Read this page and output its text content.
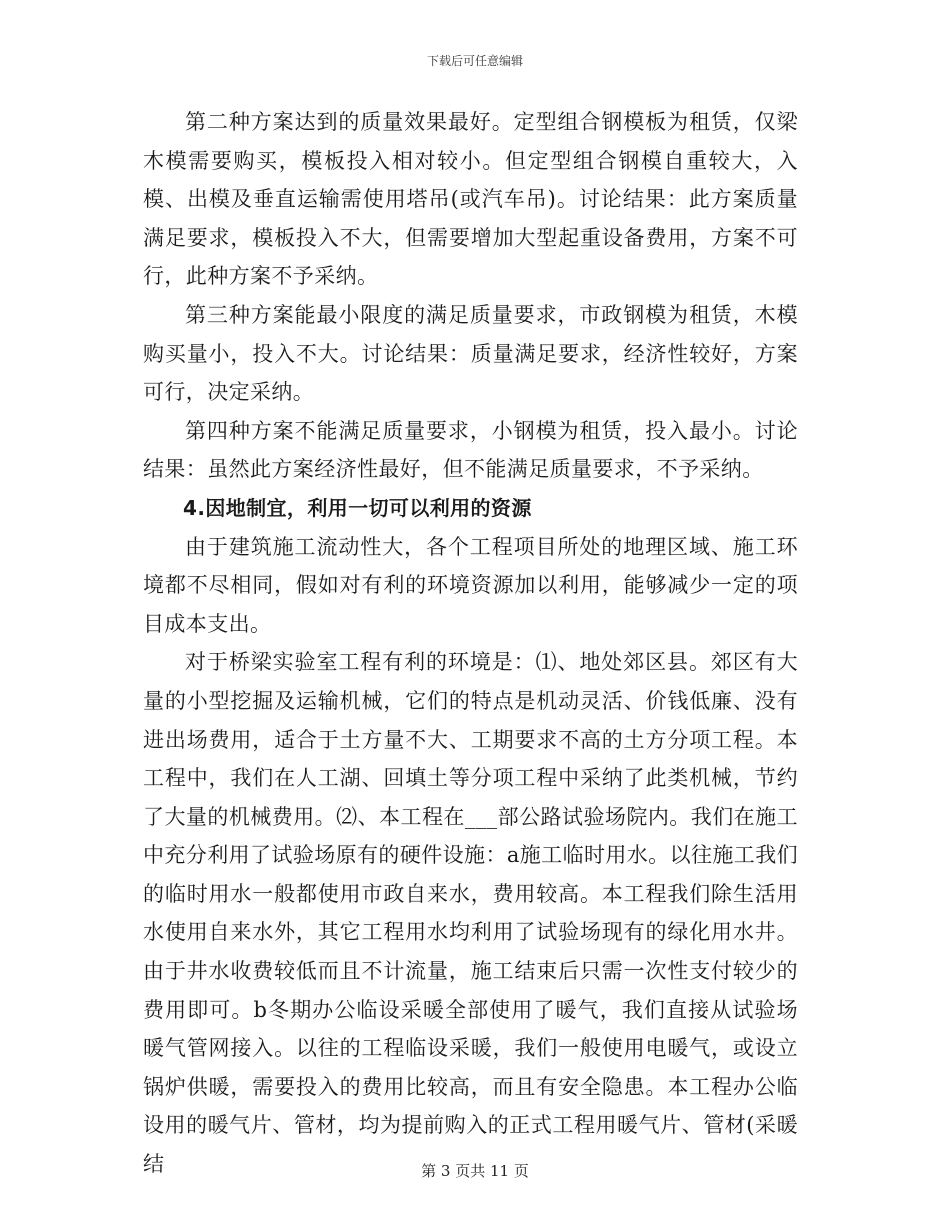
下载后可任意编辑

第二种方案达到的质量效果最好。定型组合钢模板为租赁，仅梁木模需要购买，模板投入相对较小。但定型组合钢模自重较大，入模、出模及垂直运输需使用塔吊(或汽车吊)。讨论结果：此方案质量满足要求，模板投入不大，但需要增加大型起重设备费用，方案不可行，此种方案不予采纳。

第三种方案能最小限度的满足质量要求，市政钢模为租赁，木模购买量小，投入不大。讨论结果：质量满足要求，经济性较好，方案可行，决定采纳。

第四种方案不能满足质量要求，小钢模为租赁，投入最小。讨论结果：虽然此方案经济性最好，但不能满足质量要求，不予采纳。

4.因地制宜，利用一切可以利用的资源

由于建筑施工流动性大，各个工程项目所处的地理区域、施工环境都不尽相同，假如对有利的环境资源加以利用，能够减少一定的项目成本支出。

对于桥梁实验室工程有利的环境是：⑴、地处郊区县。郊区有大量的小型挖掘及运输机械，它们的特点是机动灵活、价钱低廉、没有进出场费用，适合于土方量不大、工期要求不高的土方分项工程。本工程中，我们在人工湖、回填土等分项工程中采纳了此类机械，节约了大量的机械费用。⑵、本工程在___部公路试验场院内。我们在施工中充分利用了试验场原有的硬件设施：a施工临时用水。以往施工我们的临时用水一般都使用市政自来水，费用较高。本工程我们除生活用水使用自来水外，其它工程用水均利用了试验场现有的绿化用水井。由于井水收费较低而且不计流量，施工结束后只需一次性支付较少的费用即可。b冬期办公临设采暖全部使用了暖气，我们直接从试验场暖气管网接入。以往的工程临设采暖，我们一般使用电暖气，或设立锅炉供暖，需要投入的费用比较高，而且有安全隐患。本工程办公临设用的暖气片、管材，均为提前购入的正式工程用暖气片、管材(采暖结	第 3 页共 11 页
